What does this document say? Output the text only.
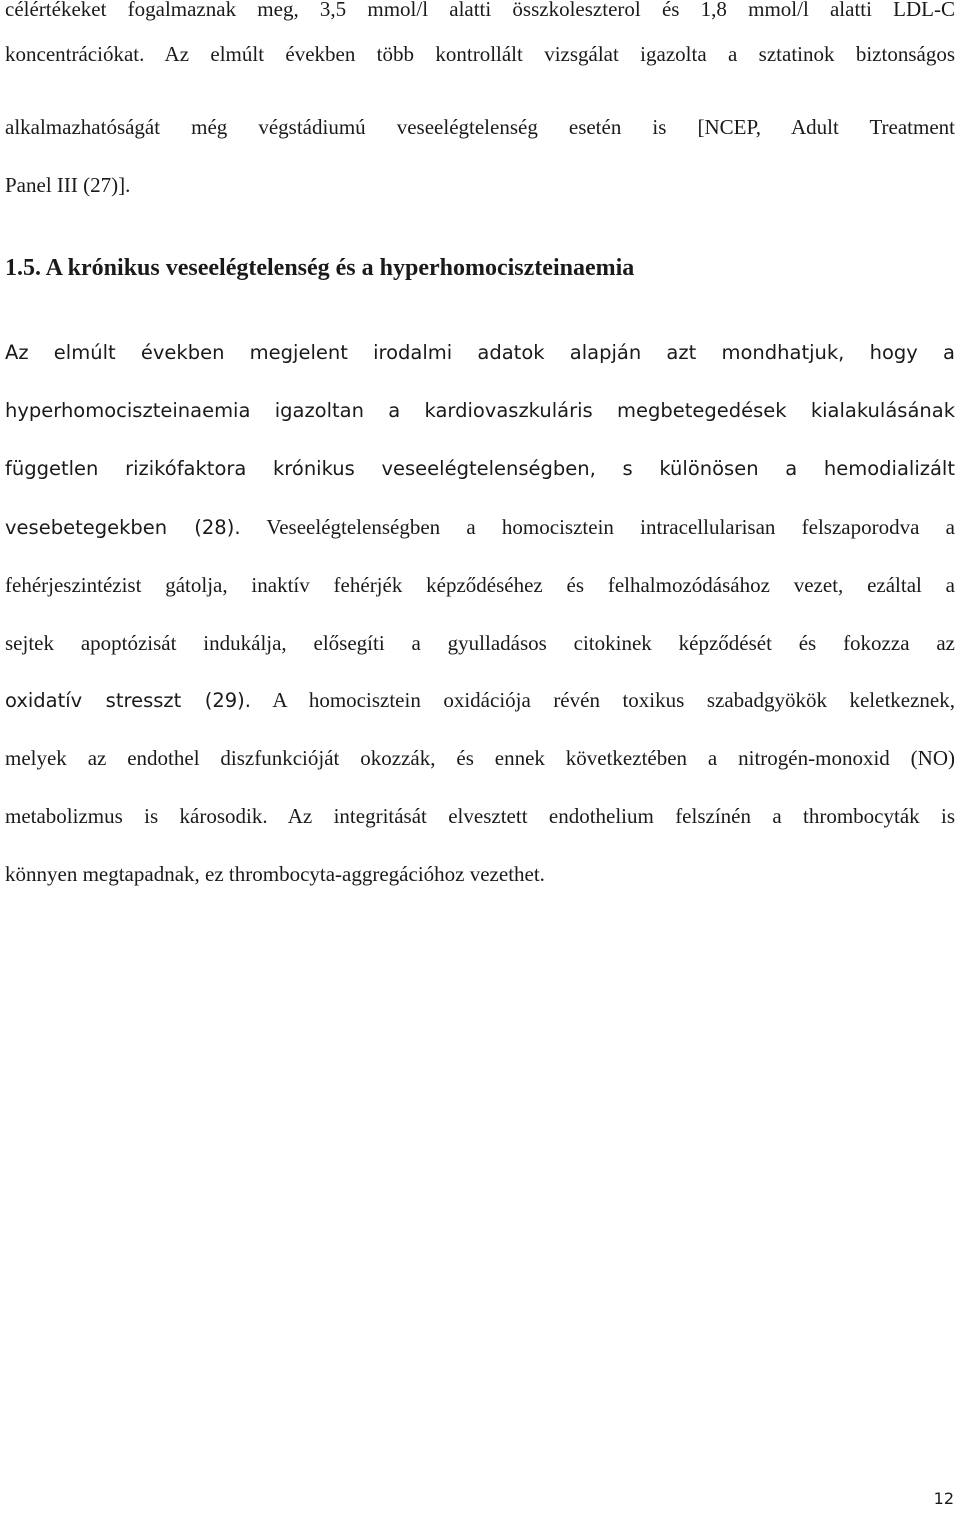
célértékeket fogalmaznak meg, 3,5 mmol/l alatti összkoleszterol és 1,8 mmol/l alatti LDL-C
koncentrációkat. Az elmúlt években több kontrollált vizsgálat igazolta a sztatinok biztonságos
alkalmazhatóságát még végstádiumú veseelégtelenség esetén is [NCEP, Adult Treatment
Panel III (27)].
1.5. A krónikus veseelégtelenség és a hyperhomociszteinaemia
Az elmúlt években megjelent irodalmi adatok alapján azt mondhatjuk, hogy a
hyperhomociszteinaemia igazoltan a kardiovaszkuláris megbetegedések kialakulásának
független rizikófaktora krónikus veseelégtelenségben, s különösen a hemodializált
vesebetegekben (28). Veseelégtelenségben a homocisztein intracellularisan felszaporodva a
fehérjeszintézist gátolja, inaktív fehérjék képződéséhez és felhalmozódásához vezet, ezáltal a
sejtek apoptózisát indukálja, elősegíti a gyulladásos citokinek képződését és fokozza az
oxidatív stresszt (29). A homocisztein oxidációja révén toxikus szabadgyökök keletkeznek,
melyek az endothel diszfunkcióját okozzák, és ennek következtében a nitrogén-monoxid (NO)
metabolizmus is károsodik. Az integritását elvesztett endothelium felszínén a thrombocyták is
könnyen megtapadnak, ez thrombocyta-aggregációhoz vezethet.
12
